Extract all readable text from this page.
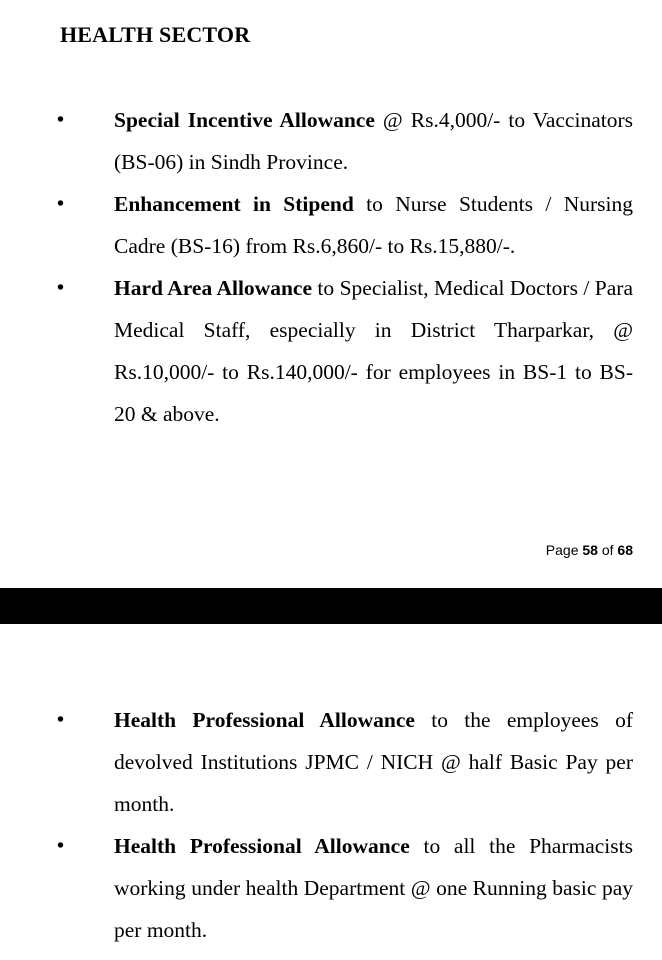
HEALTH SECTOR
• Special Incentive Allowance @ Rs.4,000/- to Vaccinators (BS-06) in Sindh Province.
• Enhancement in Stipend to Nurse Students / Nursing Cadre (BS-16) from Rs.6,860/- to Rs.15,880/-.
• Hard Area Allowance to Specialist, Medical Doctors / Para Medical Staff, especially in District Tharparkar, @ Rs.10,000/- to Rs.140,000/- for employees in BS-1 to BS-20 & above.
Page 58 of 68
• Health Professional Allowance to the employees of devolved Institutions JPMC / NICH @ half Basic Pay per month.
• Health Professional Allowance to all the Pharmacists working under health Department @ one Running basic pay per month.
